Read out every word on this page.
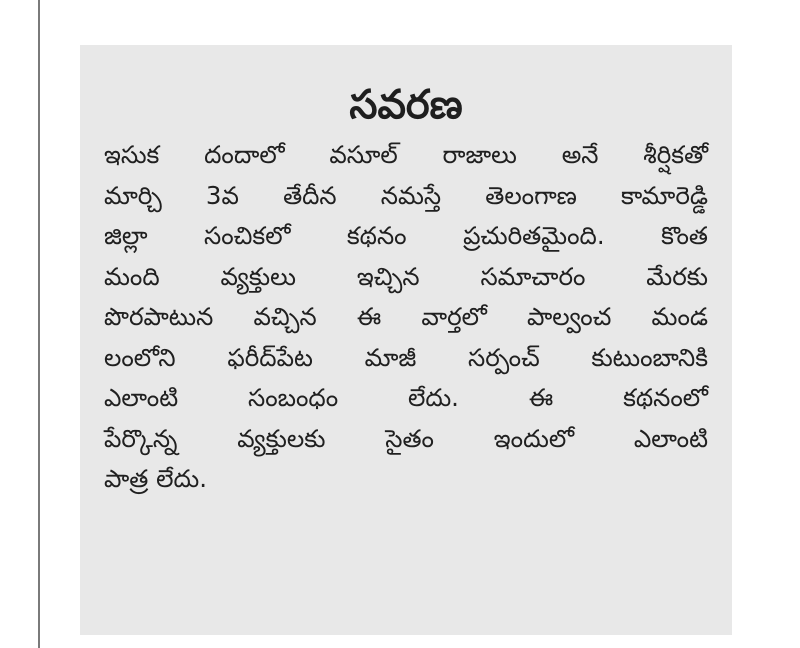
సవరణ
ఇసుక దందాలో వసూల్ రాజాలు అనే శీర్షికతో
మార్చి 3వ తేదీన నమస్తే తెలంగాణ కామారెడ్డి
జిల్లా సంచికలో కథనం ప్రచురితమైంది. కొంత
మంది వ్యక్తులు ఇచ్చిన సమాచారం మేరకు
పొరపాటున వచ్చిన ఈ వార్తలో పాల్వంచ మండ
లంలోని ఫరీద్‌పేట మాజీ సర్పంచ్ కుటుంబానికి
ఎలాంటి సంబంధం లేదు. ఈ కథనంలో
పేర్కొన్న వ్యక్తులకు సైతం ఇందులో ఎలాంటి
పాత్ర లేదు.
